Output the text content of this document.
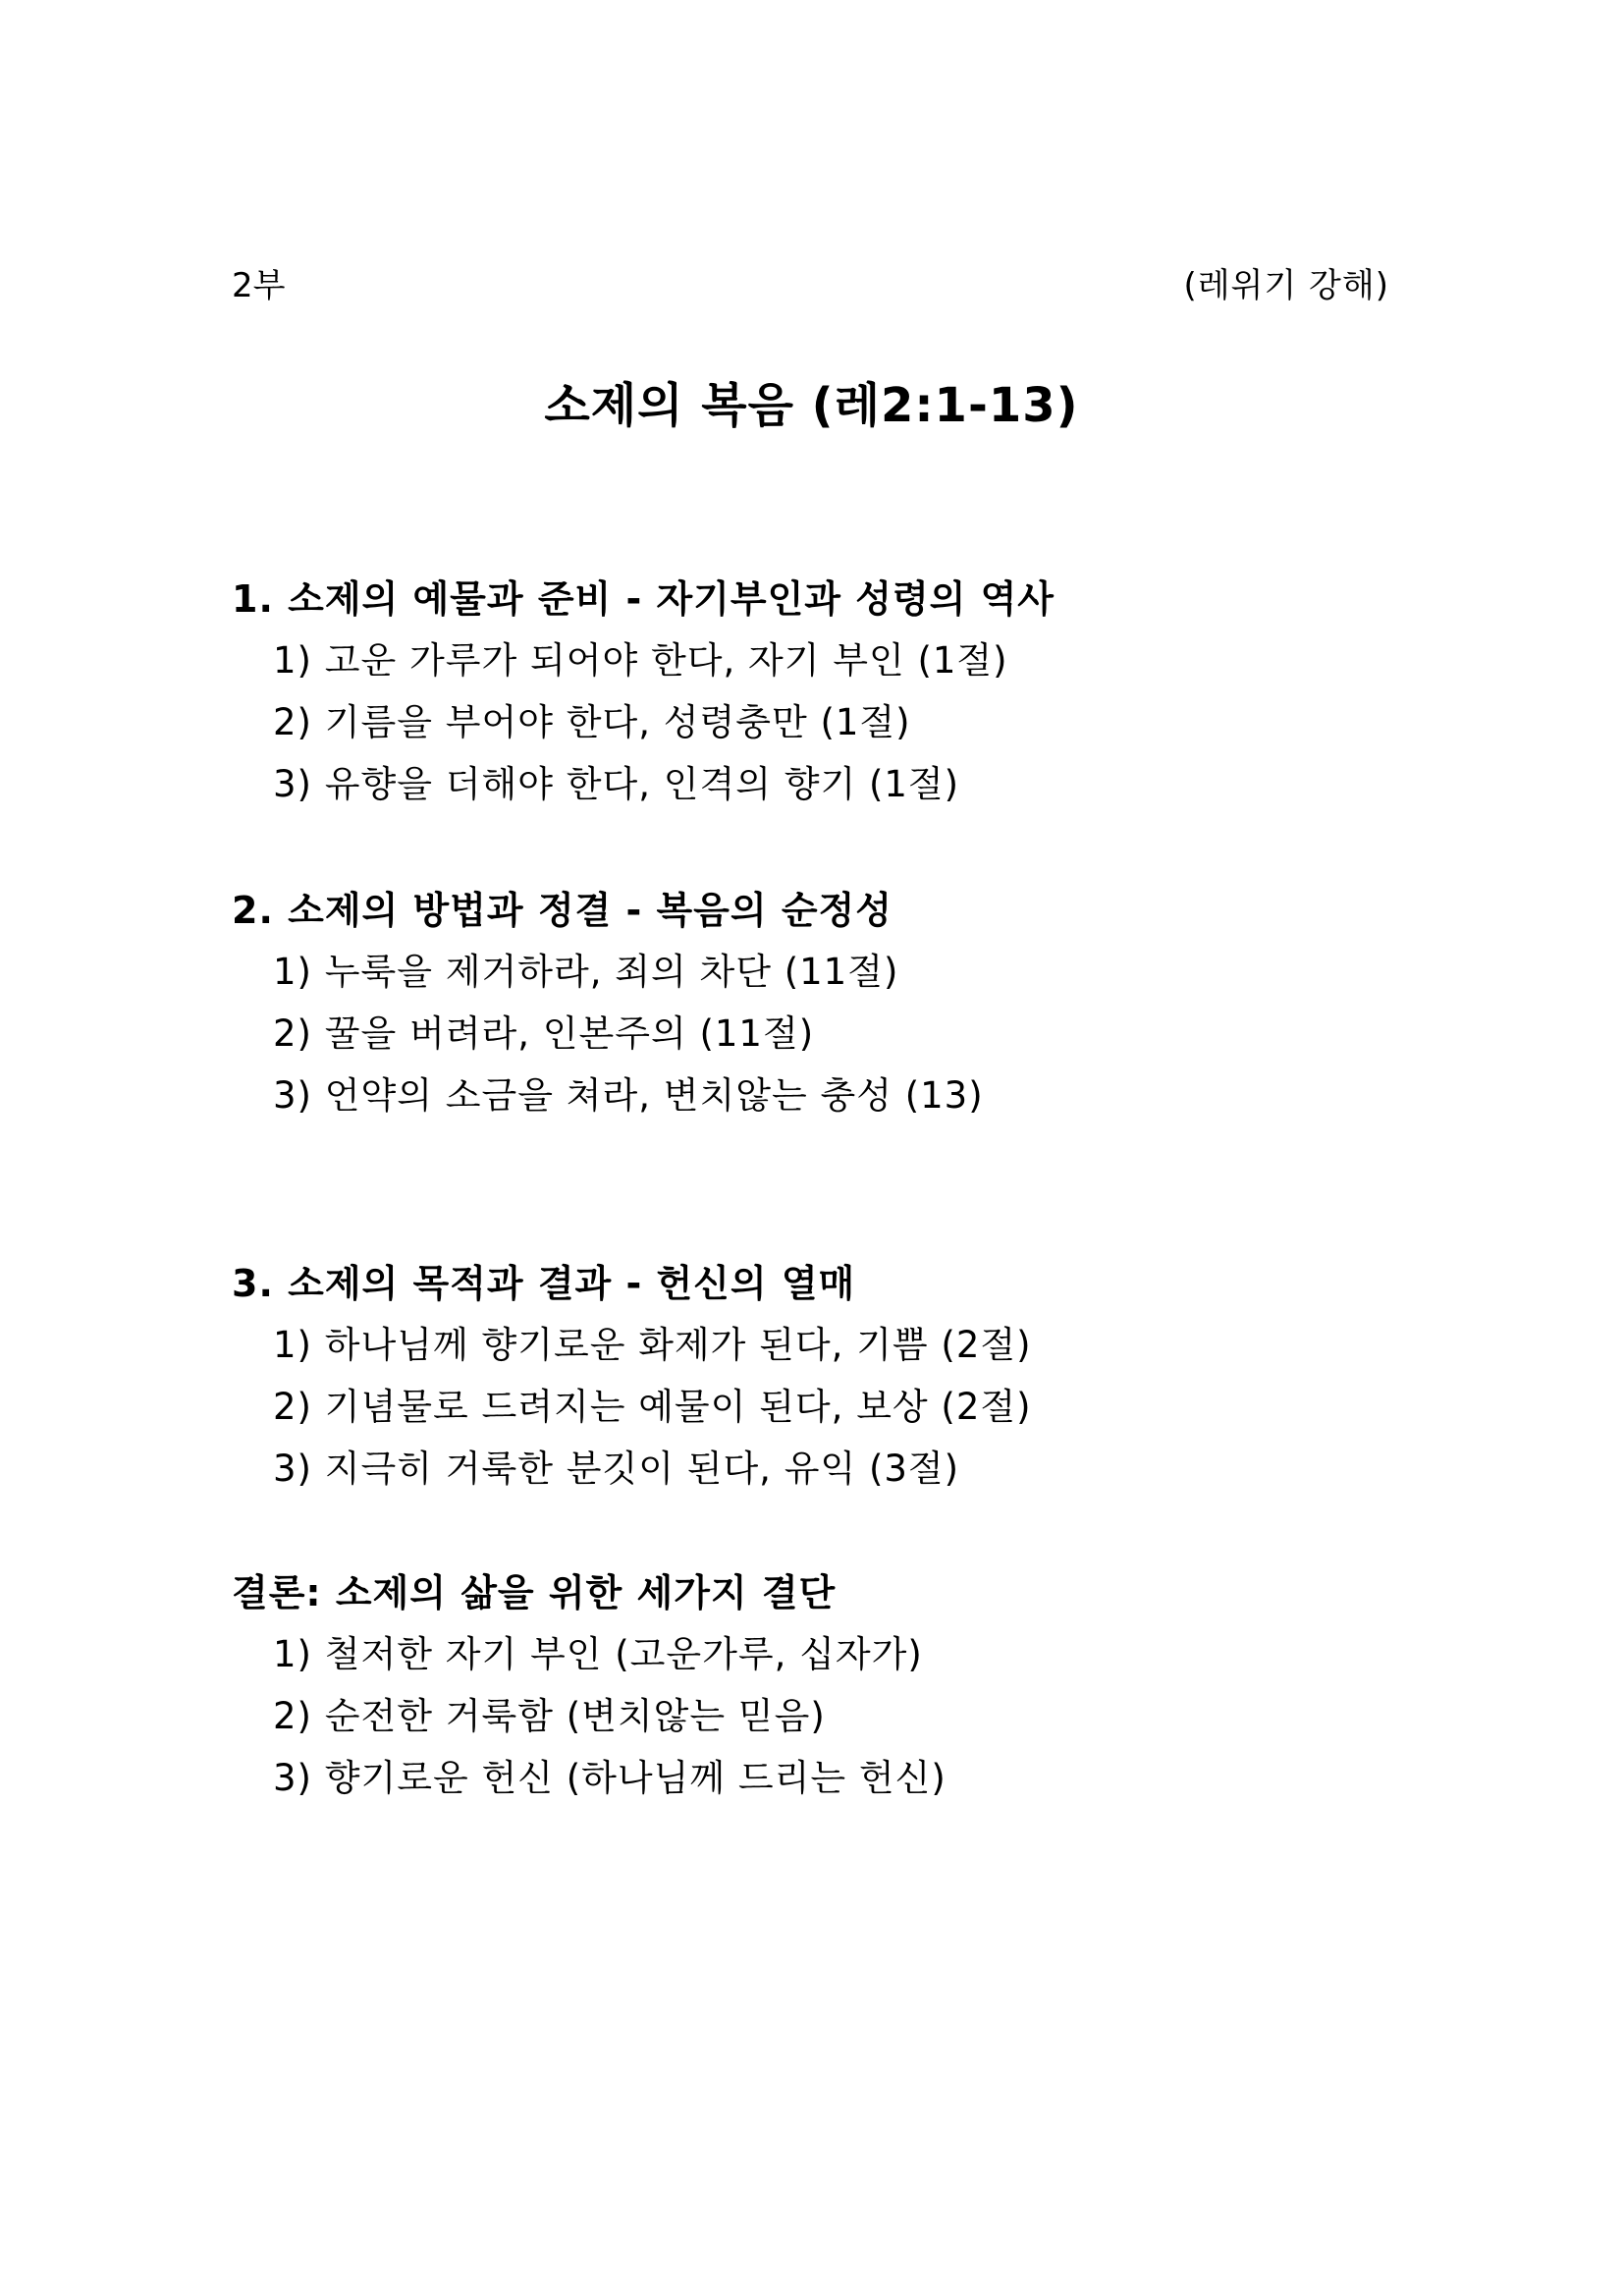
2부	(레위기 강해)
소제의 복음 (레2:1-13)
1. 소제의 예물과 준비 - 자기부인과 성령의 역사
1) 고운 가루가 되어야 한다, 자기 부인 (1절)
2) 기름을 부어야 한다, 성령충만 (1절)
3) 유향을 더해야 한다, 인격의 향기 (1절)
2. 소제의 방법과 정결 - 복음의 순정성
1) 누룩을 제거하라, 죄의 차단 (11절)
2) 꿀을 버려라, 인본주의 (11절)
3) 언약의 소금을 쳐라, 변치않는 충성 (13)
3. 소제의 목적과 결과 - 헌신의 열매
1) 하나님께 향기로운 화제가 된다, 기쁨 (2절)
2) 기념물로 드려지는 예물이 된다, 보상 (2절)
3) 지극히 거룩한 분깃이 된다, 유익 (3절)
결론: 소제의 삶을 위한 세가지 결단
1) 철저한 자기 부인 (고운가루, 십자가)
2) 순전한 거룩함 (변치않는 믿음)
3) 향기로운 헌신 (하나님께 드리는 헌신)
